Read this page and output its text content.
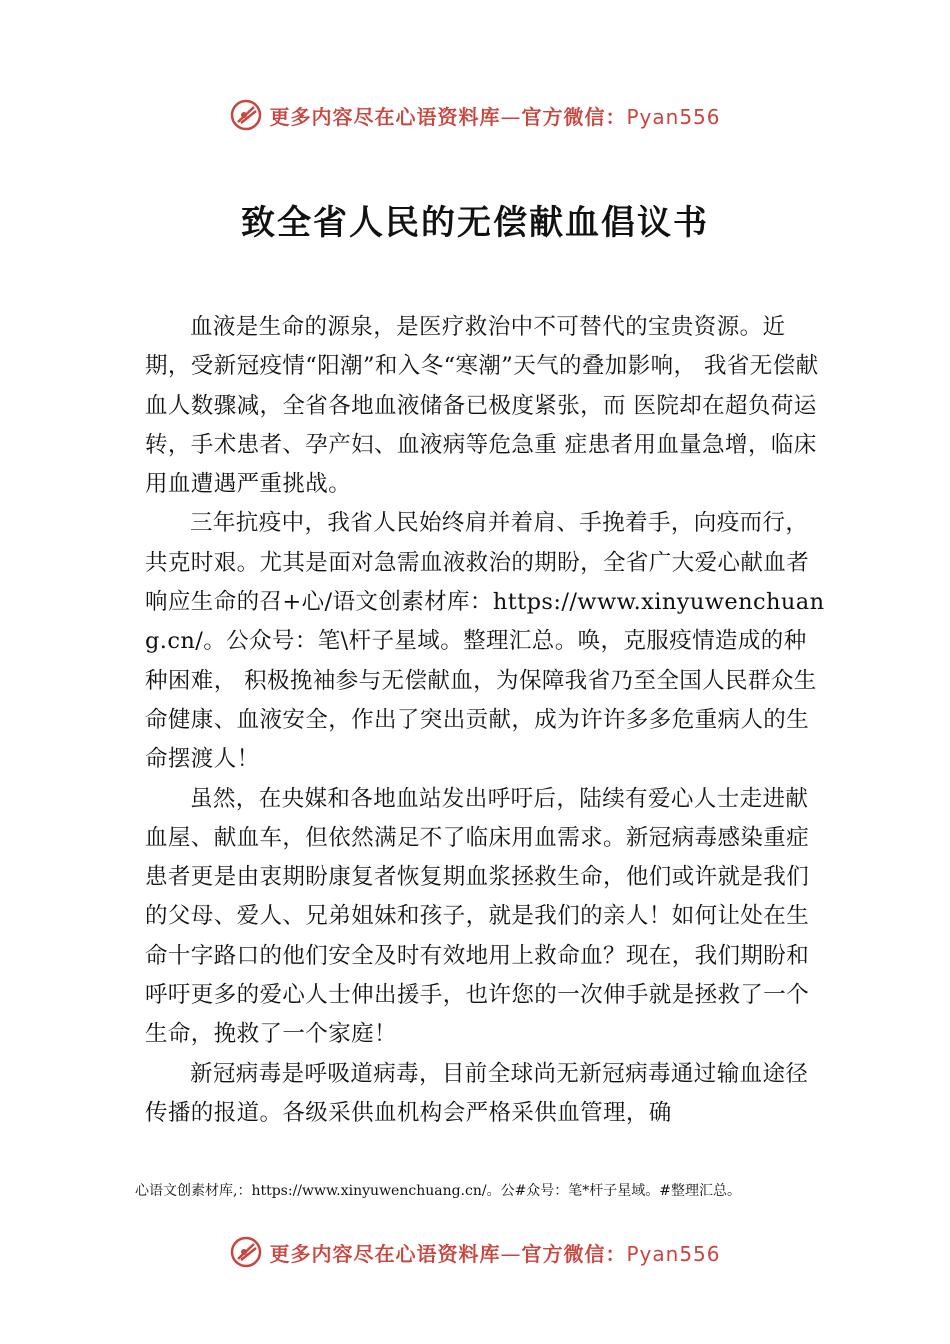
更多内容尽在心语资料库—官方微信：Pyan556
致全省人民的无偿献血倡议书

血液是生命的源泉，是医疗救治中不可替代的宝贵资源。近期，受新冠疫情“阳潮”和入冬“寒潮”天气的叠加影响， 我省无偿献血人数骤减，全省各地血液储备已极度紧张，而 医院却在超负荷运转，手术患者、孕产妇、血液病等危急重 症患者用血量急增，临床用血遭遇严重挑战。

三年抗疫中，我省人民始终肩并着肩、手挽着手，向疫而行，共克时艰。尤其是面对急需血液救治的期盼，全省广大爱心献血者响应生命的召+心/语文创素材库：https://www.xinyuwenchuang.cn/。公众号：笔\杆子星域。整理汇总。唤，克服疫情造成的种种困难， 积极挽袖参与无偿献血，为保障我省乃至全国人民群众生命健康、血液安全，作出了突出贡献，成为许许多多危重病人的生命摆渡人！

虽然，在央媒和各地血站发出呼吁后，陆续有爱心人士走进献血屋、献血车，但依然满足不了临床用血需求。新冠病毒感染重症患者更是由衷期盼康复者恢复期血浆拯救生命，他们或许就是我们的父母、爱人、兄弟姐妹和孩子，就是我们的亲人！如何让处在生命十字路口的他们安全及时有效地用上救命血？现在，我们期盼和呼吁更多的爱心人士伸出援手，也许您的一次伸手就是拯救了一个生命，挽救了一个家庭！

新冠病毒是呼吸道病毒，目前全球尚无新冠病毒通过输血途径传播的报道。各级采供血机构会严格采供血管理，确

心语文创素材库,：https://www.xinyuwenchuang.cn/。公#众号：笔*杆子星域。#整理汇总。
更多内容尽在心语资料库—官方微信：Pyan556
